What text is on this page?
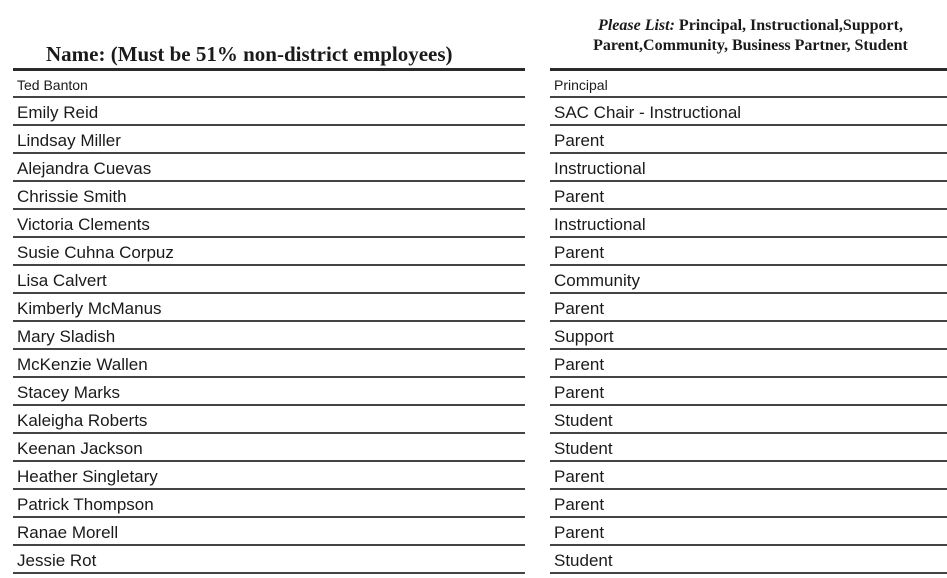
Name: (Must be 51% non-district employees)
Please List: Principal, Instructional,Support,
Parent,Community, Business Partner, Student
Ted Banton
Emily Reid
Lindsay Miller
Alejandra Cuevas
Chrissie Smith
Victoria Clements
Susie Cuhna Corpuz
Lisa Calvert
Kimberly McManus
Mary Sladish
McKenzie Wallen
Stacey Marks
Kaleigha Roberts
Keenan Jackson
Heather Singletary
Patrick Thompson
Ranae Morell
Jessie Rot
Principal
SAC Chair - Instructional
Parent
Instructional
Parent
Instructional
Parent
Community
Parent
Support
Parent
Parent
Student
Student
Parent
Parent
Parent
Student
